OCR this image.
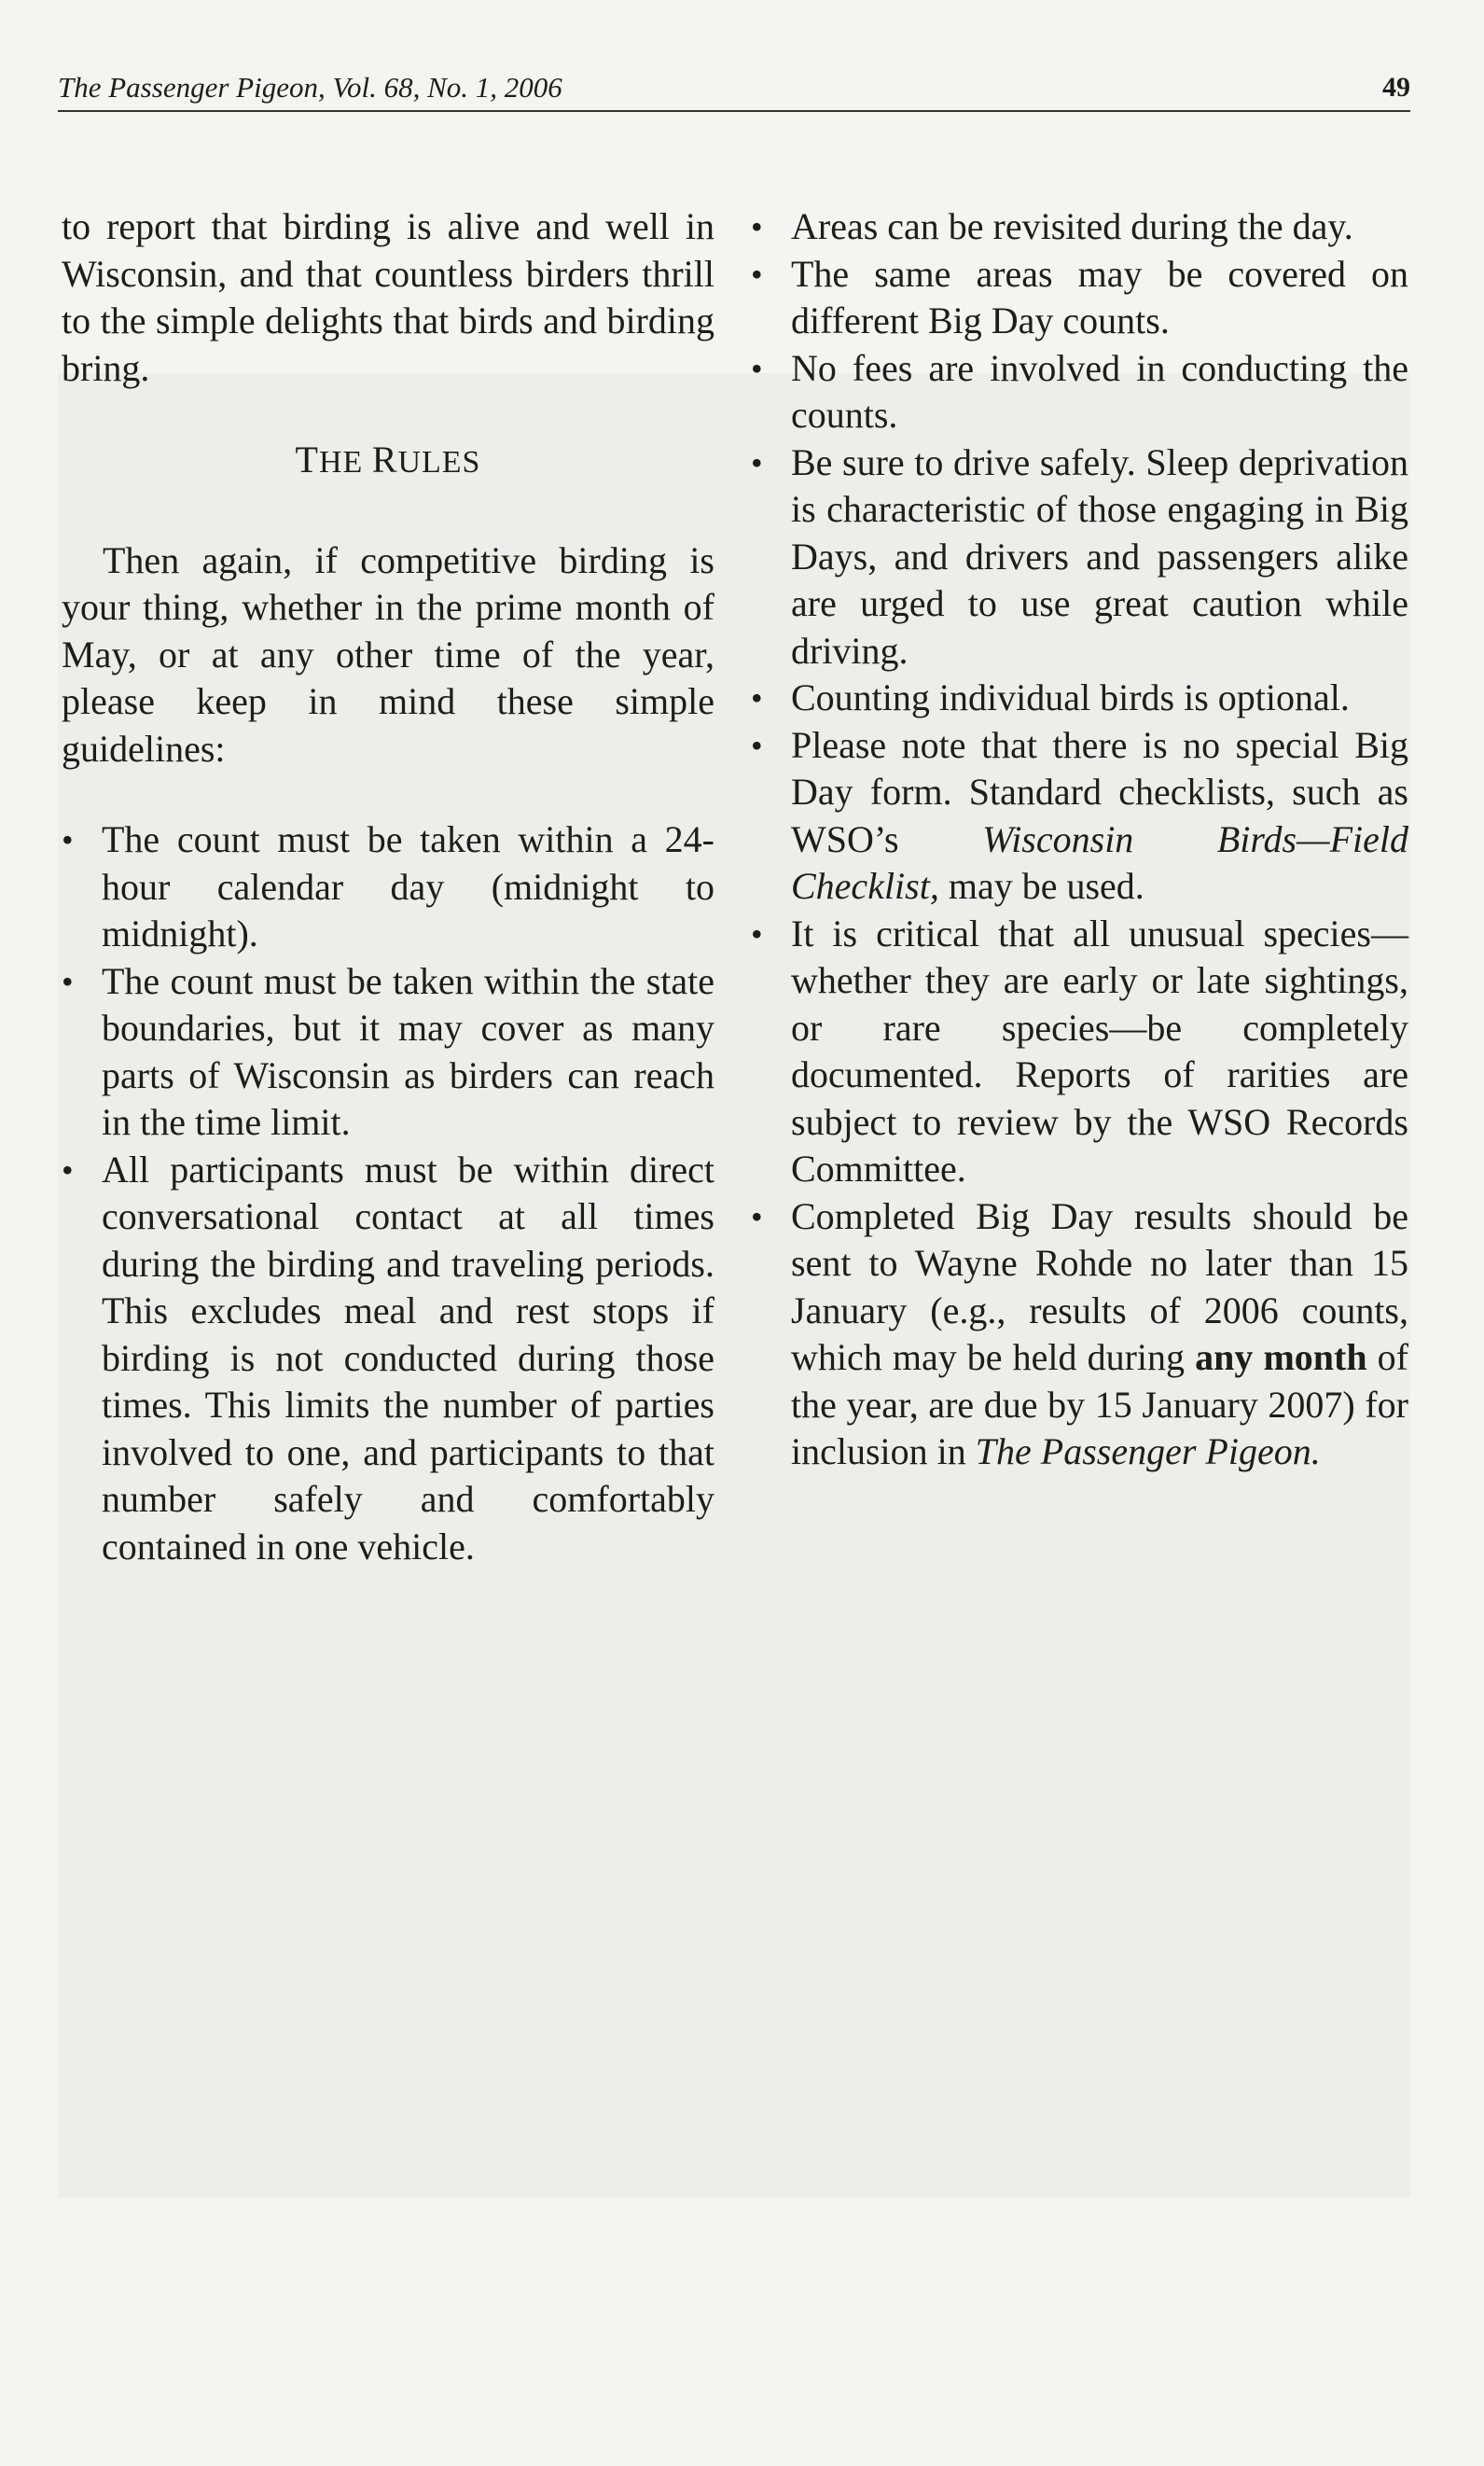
The Passenger Pigeon, Vol. 68, No. 1, 2006	49

to report that birding is alive and well in Wisconsin, and that countless birders thrill to the simple delights that birds and birding bring.

THE RULES

Then again, if competitive birding is your thing, whether in the prime month of May, or at any other time of the year, please keep in mind these simple guidelines:

• The count must be taken within a 24-hour calendar day (midnight to midnight).
• The count must be taken within the state boundaries, but it may cover as many parts of Wisconsin as birders can reach in the time limit.
• All participants must be within direct conversational contact at all times during the birding and traveling periods. This excludes meal and rest stops if birding is not conducted during those times. This limits the number of parties involved to one, and participants to that number safely and comfortably contained in one vehicle.
• Areas can be revisited during the day.
• The same areas may be covered on different Big Day counts.
• No fees are involved in conducting the counts.
• Be sure to drive safely. Sleep deprivation is characteristic of those engaging in Big Days, and drivers and passengers alike are urged to use great caution while driving.
• Counting individual birds is optional.
• Please note that there is no special Big Day form. Standard checklists, such as WSO’s Wisconsin Birds—Field Checklist, may be used.
• It is critical that all unusual species—whether they are early or late sightings, or rare species—be completely documented. Reports of rarities are subject to review by the WSO Records Committee.
• Completed Big Day results should be sent to Wayne Rohde no later than 15 January (e.g., results of 2006 counts, which may be held during any month of the year, are due by 15 January 2007) for inclusion in The Passenger Pigeon.
